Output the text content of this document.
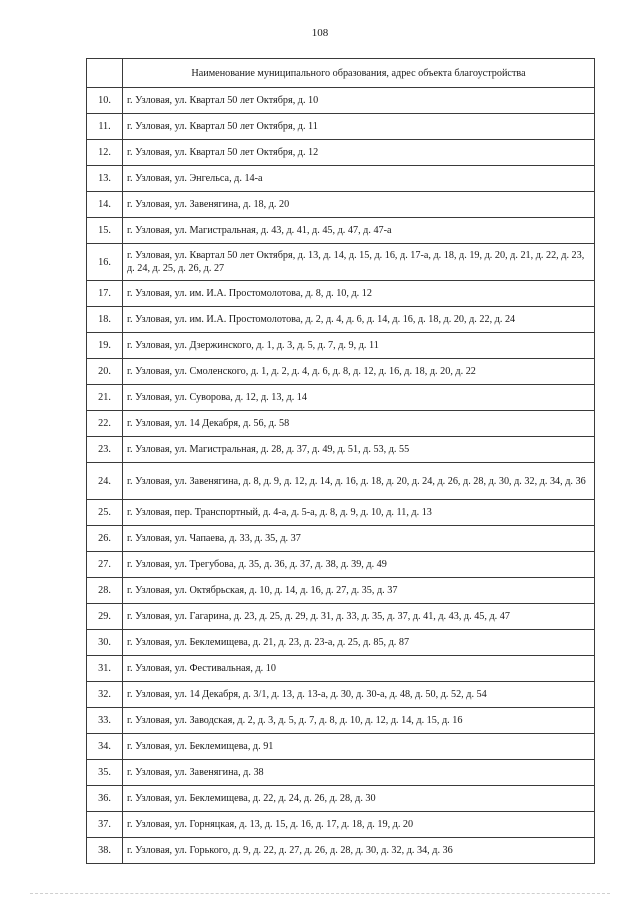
108
	Наименование муниципального образования, адрес объекта благоустройства
10.	г. Узловая, ул. Квартал 50 лет Октября, д. 10
11.	г. Узловая, ул. Квартал 50 лет Октября, д. 11
12.	г. Узловая, ул. Квартал 50 лет Октября, д. 12
13.	г. Узловая, ул. Энгельса, д. 14-а
14.	г. Узловая, ул. Завенягина, д. 18, д. 20
15.	г. Узловая, ул. Магистральная, д. 43, д. 41, д. 45, д. 47, д. 47-а
16.	г. Узловая, ул. Квартал 50 лет Октября, д. 13, д. 14, д. 15, д. 16, д. 17-а, д. 18, д. 19, д. 20, д. 21, д. 22, д. 23, д. 24, д. 25, д. 26, д. 27
17.	г. Узловая, ул. им. И.А. Простомолотова, д. 8, д. 10, д. 12
18.	г. Узловая, ул. им. И.А. Простомолотова, д. 2, д. 4, д. 6, д. 14, д. 16, д. 18, д. 20, д. 22, д. 24
19.	г. Узловая, ул. Дзержинского, д. 1, д. 3, д. 5, д. 7, д. 9, д. 11
20.	г. Узловая, ул. Смоленского, д. 1, д. 2, д. 4, д. 6, д. 8, д. 12, д. 16, д. 18, д. 20, д. 22
21.	г. Узловая, ул. Суворова, д. 12, д. 13, д. 14
22.	г. Узловая, ул. 14 Декабря, д. 56, д. 58
23.	г. Узловая, ул. Магистральная, д. 28, д. 37, д. 49, д. 51, д. 53, д. 55
24.	г. Узловая, ул. Завенягина, д. 8, д. 9, д. 12, д. 14, д. 16, д. 18, д. 20, д. 24, д. 26, д. 28, д. 30, д. 32, д. 34, д. 36
25.	г. Узловая, пер. Транспортный, д. 4-а, д. 5-а, д. 8, д. 9, д. 10, д. 11, д. 13
26.	г. Узловая, ул. Чапаева, д. 33, д. 35, д. 37
27.	г. Узловая, ул. Трегубова, д. 35, д. 36, д. 37, д. 38, д. 39, д. 49
28.	г. Узловая, ул. Октябрьская, д. 10, д. 14, д. 16, д. 27, д. 35, д. 37
29.	г. Узловая, ул. Гагарина, д. 23, д. 25, д. 29, д. 31, д. 33, д. 35, д. 37, д. 41, д. 43, д. 45, д. 47
30.	г. Узловая, ул. Беклемищева, д. 21, д. 23, д. 23-а, д. 25, д. 85, д. 87
31.	г. Узловая, ул. Фестивальная, д. 10
32.	г. Узловая, ул. 14 Декабря, д. 3/1, д. 13, д. 13-а, д. 30, д. 30-а, д. 48, д. 50, д. 52, д. 54
33.	г. Узловая, ул. Заводская, д. 2, д. 3, д. 5, д. 7, д. 8, д. 10, д. 12, д. 14, д. 15, д. 16
34.	г. Узловая, ул. Беклемищева, д. 91
35.	г. Узловая, ул. Завенягина, д. 38
36.	г. Узловая, ул. Беклемищева, д. 22, д. 24, д. 26, д. 28, д. 30
37.	г. Узловая, ул. Горняцкая, д. 13, д. 15, д. 16, д. 17, д. 18, д. 19, д. 20
38.	г. Узловая, ул. Горького, д. 9, д. 22, д. 27, д. 26, д. 28, д. 30, д. 32, д. 34, д. 36
